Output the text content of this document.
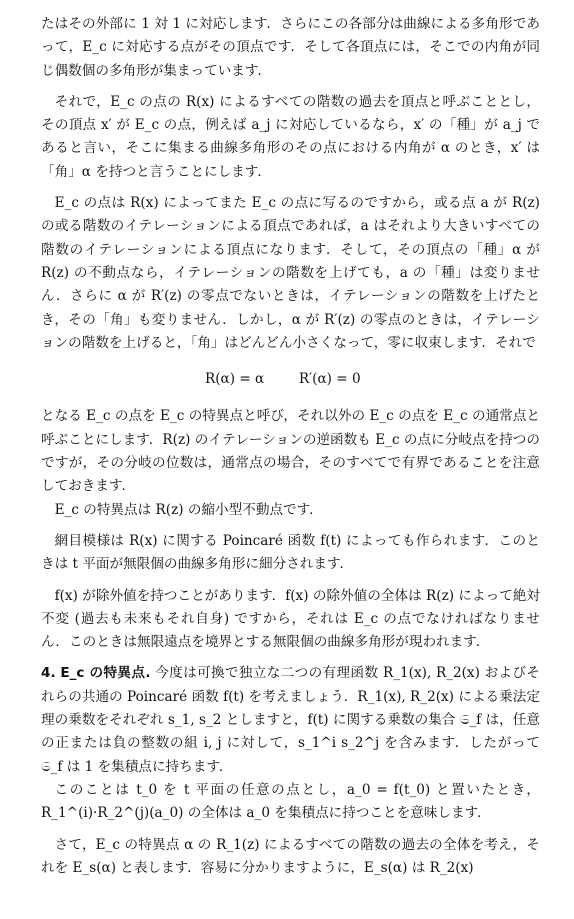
たはその外部に 1 対 1 に対応します．さらにこの各部分は曲線による多角形であって，E_c に対応する点がその頂点です．そして各頂点には，そこでの内角が同じ偶数個の多角形が集まっています．

それで，E_c の点の R(x) によるすべての階数の過去を頂点と呼ぶこととし，その頂点 x′ が E_c の点，例えば a_j に対応しているなら，x′ の「種」が a_j であると言い，そこに集まる曲線多角形のその点における内角が α のとき，x′ は「角」α を持つと言うことにします．

E_c の点は R(x) によってまた E_c の点に写るのですから，或る点 a が R(z) の或る階数のイテレーションによる頂点であれば，a はそれより大きいすべての階数のイテレーションによる頂点になります．そして，その頂点の「種」α が R(z) の不動点なら，イテレーションの階数を上げても，a の「種」は変りません．さらに α が R′(z) の零点でないときは，イテレーションの階数を上げたとき，その「角」も変りません．しかし，α が R′(z) の零点のときは，イテレーションの階数を上げると，「角」はどんどん小さくなって，零に収束します．それで

R(α) = α	R′(α) = 0

となる E_c の点を E_c の特異点と呼び，それ以外の E_c の点を E_c の通常点と呼ぶことにします．R(z) のイテレーションの逆函数も E_c の点に分岐点を持つのですが，その分岐の位数は，通常点の場合，そのすべてで有界であることを注意しておきます．

E_c の特異点は R(z) の縮小型不動点です．

網目模様は R(x) に関する Poincaré 函数 f(t) によっても作られます．このときは t 平面が無限個の曲線多角形に細分されます．

f(x) が除外値を持つことがあります．f(x) の除外値の全体は R(z) によって絶対不変 (過去も未来もそれ自身) ですから，それは E_c の点でなければなりません．このときは無限遠点を境界とする無限個の曲線多角形が現われます．

4. E_c の特異点. 今度は可換で独立な二つの有理函数 R_1(x), R_2(x) およびそれらの共通の Poincaré 函数 f(t) を考えましょう．R_1(x), R_2(x) による乗法定理の乗数をそれぞれ s_1, s_2 としますと，f(t) に関する乗数の集合 𝔖_f は，任意の正または負の整数の組 i, j に対して，s_1^i s_2^j を含みます．したがって 𝔖_f は 1 を集積点に持ちます．

このことは t_0 を t 平面の任意の点とし，a_0 = f(t_0) と置いたとき，R_1^(i)·R_2^(j)(a_0) の全体は a_0 を集積点に持つことを意味します．

さて，E_c の特異点 α の R_1(z) によるすべての階数の過去の全体を考え，それを E_s(α) と表します．容易に分かりますように，E_s(α) は R_2(x)
